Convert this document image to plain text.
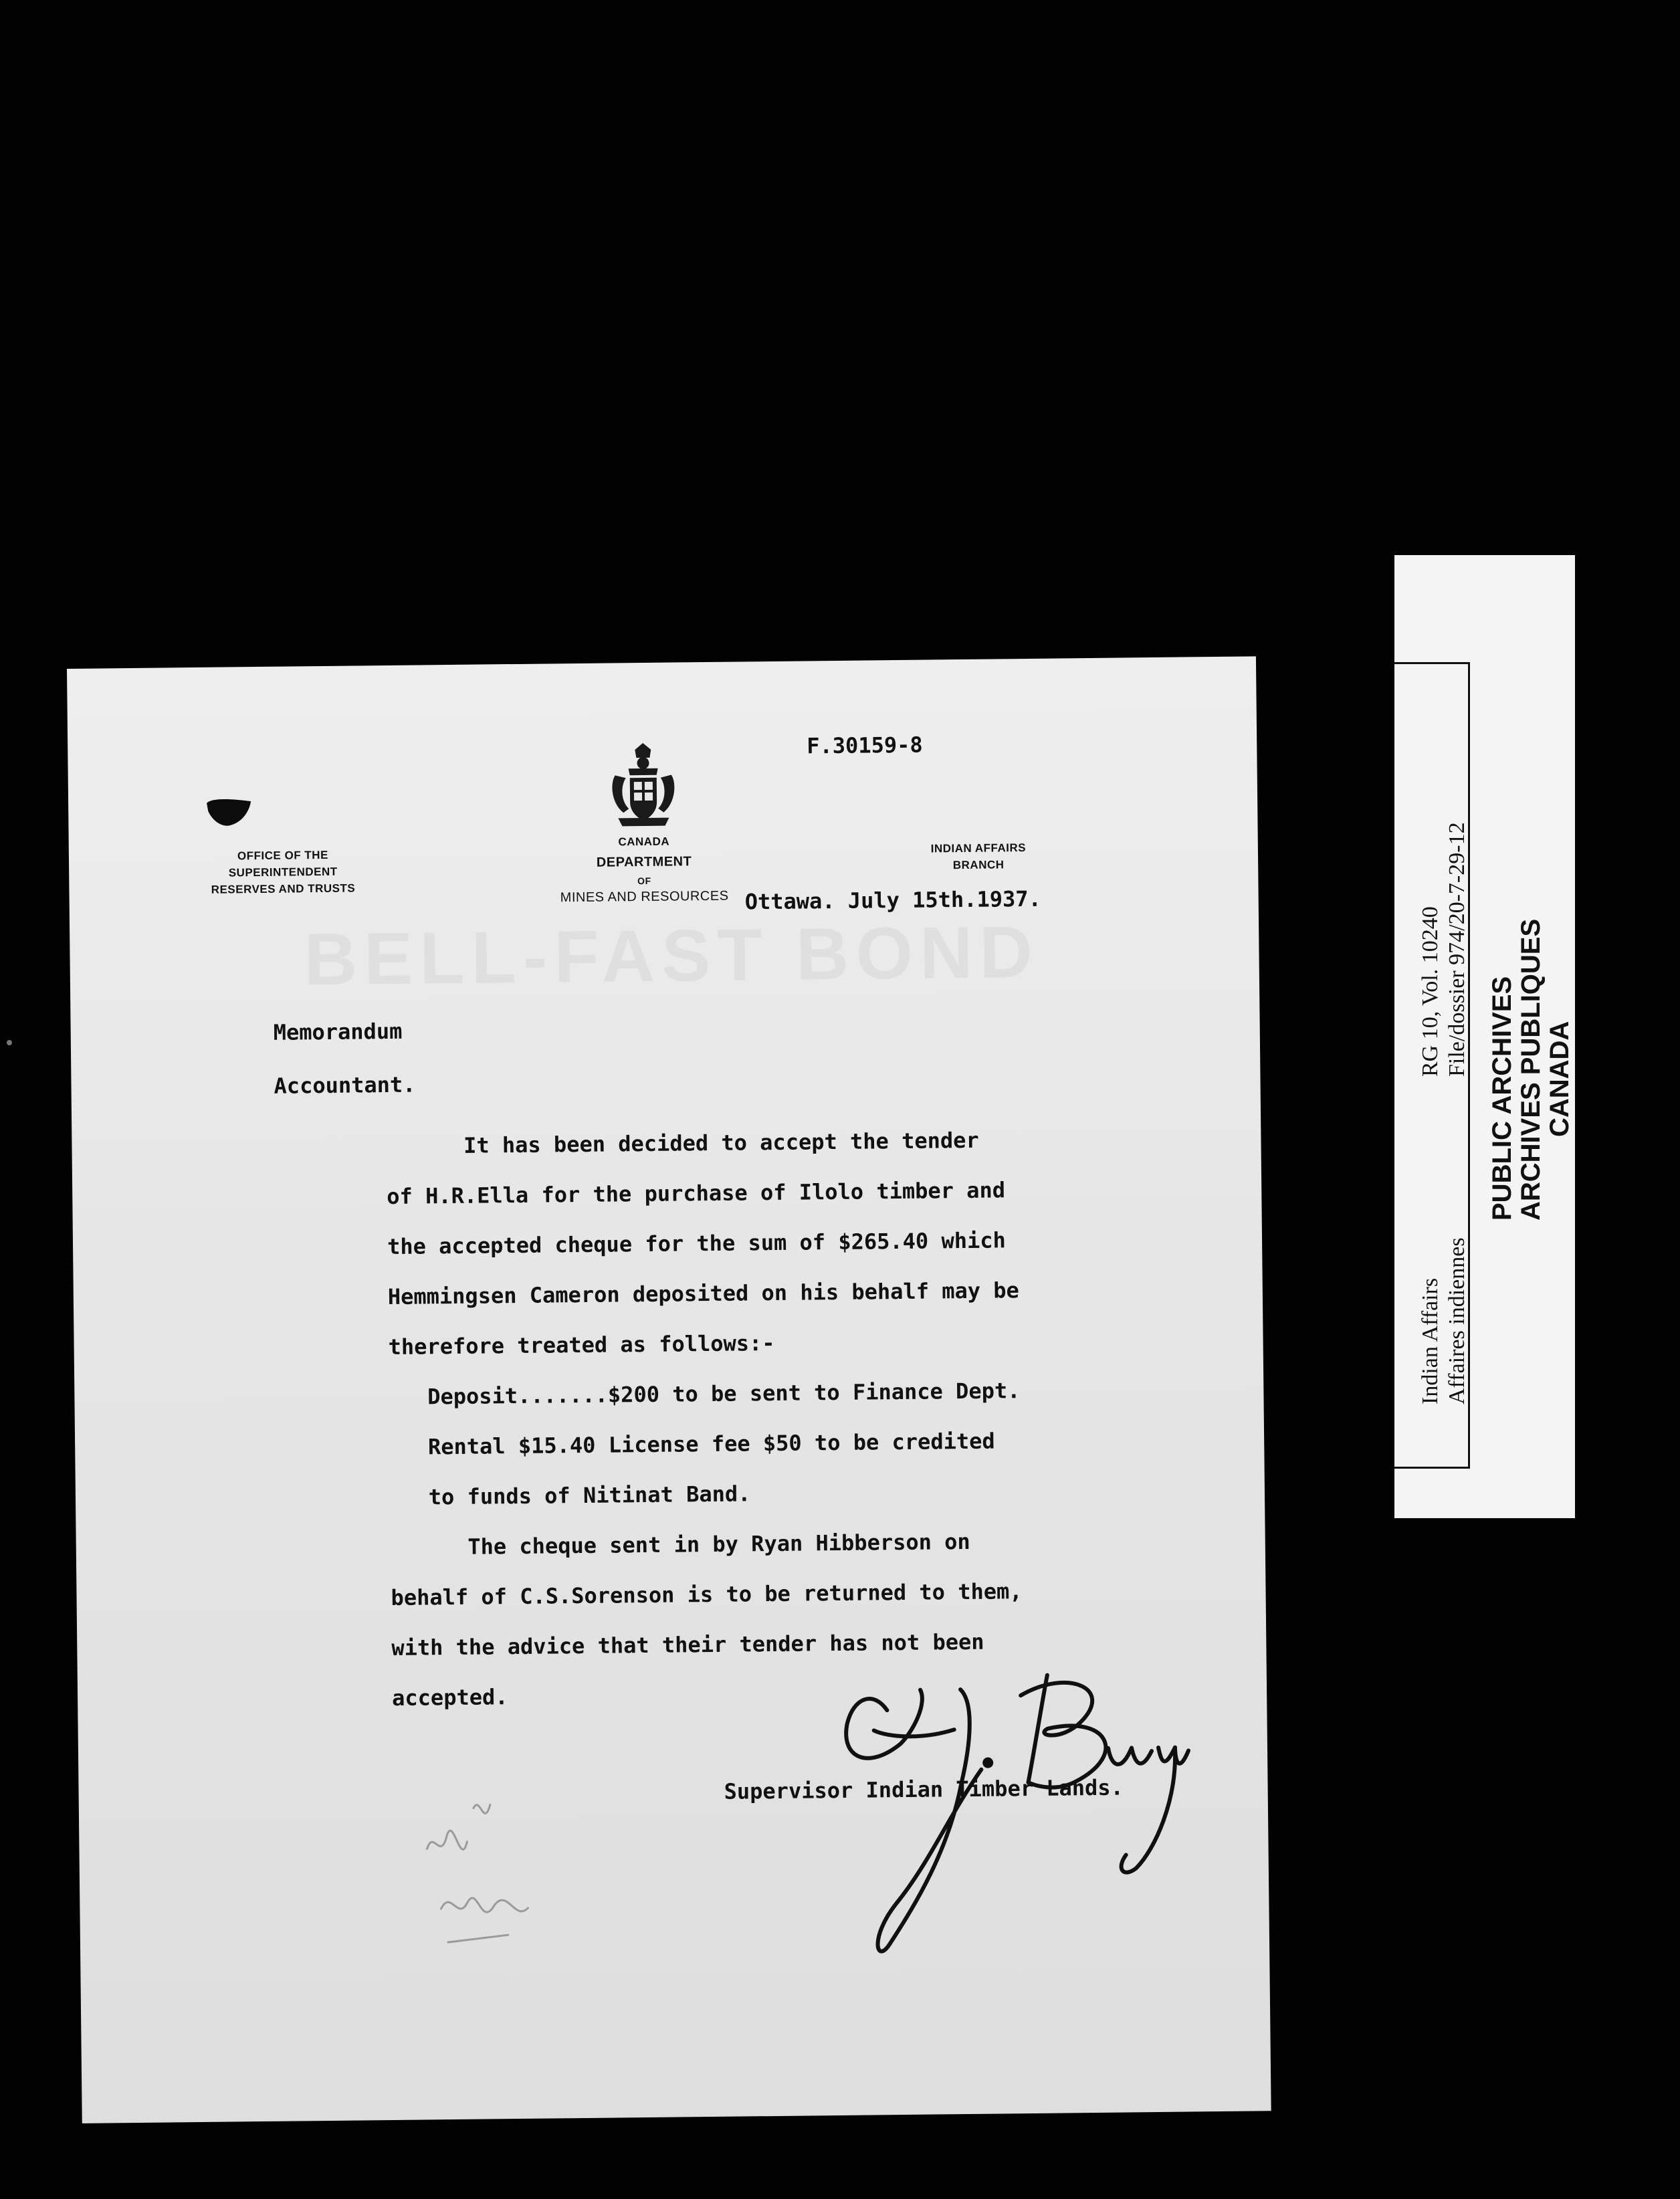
OFFICE OF THE
SUPERINTENDENT
RESERVES AND TRUSTS
CANADA
DEPARTMENT
OF
MINES AND RESOURCES
INDIAN AFFAIRS
BRANCH
F.30159-8
Ottawa. July 15th.1937.
Memorandum
Accountant.
It has been decided to accept the tender
of H.R.Ella for the purchase of Ilolo timber and
the accepted cheque for the sum of $265.40 which
Hemmingsen Cameron deposited on his behalf may be
therefore treated as follows:-
Deposit.......$200 to be sent to Finance Dept.
Rental $15.40 License fee $50 to be credited
to funds of Nitinat Band.
The cheque sent in by Ryan Hibberson on
behalf of C.S.Sorenson is to be returned to them,
with the advice that their tender has not been
accepted.
Supervisor Indian Timber Lands.
RG 10, Vol. 10240 File/dossier 974/20-7-29-12
Indian Affairs Affaires indiennes
PUBLIC ARCHIVES ARCHIVES PUBLIQUES CANADA
